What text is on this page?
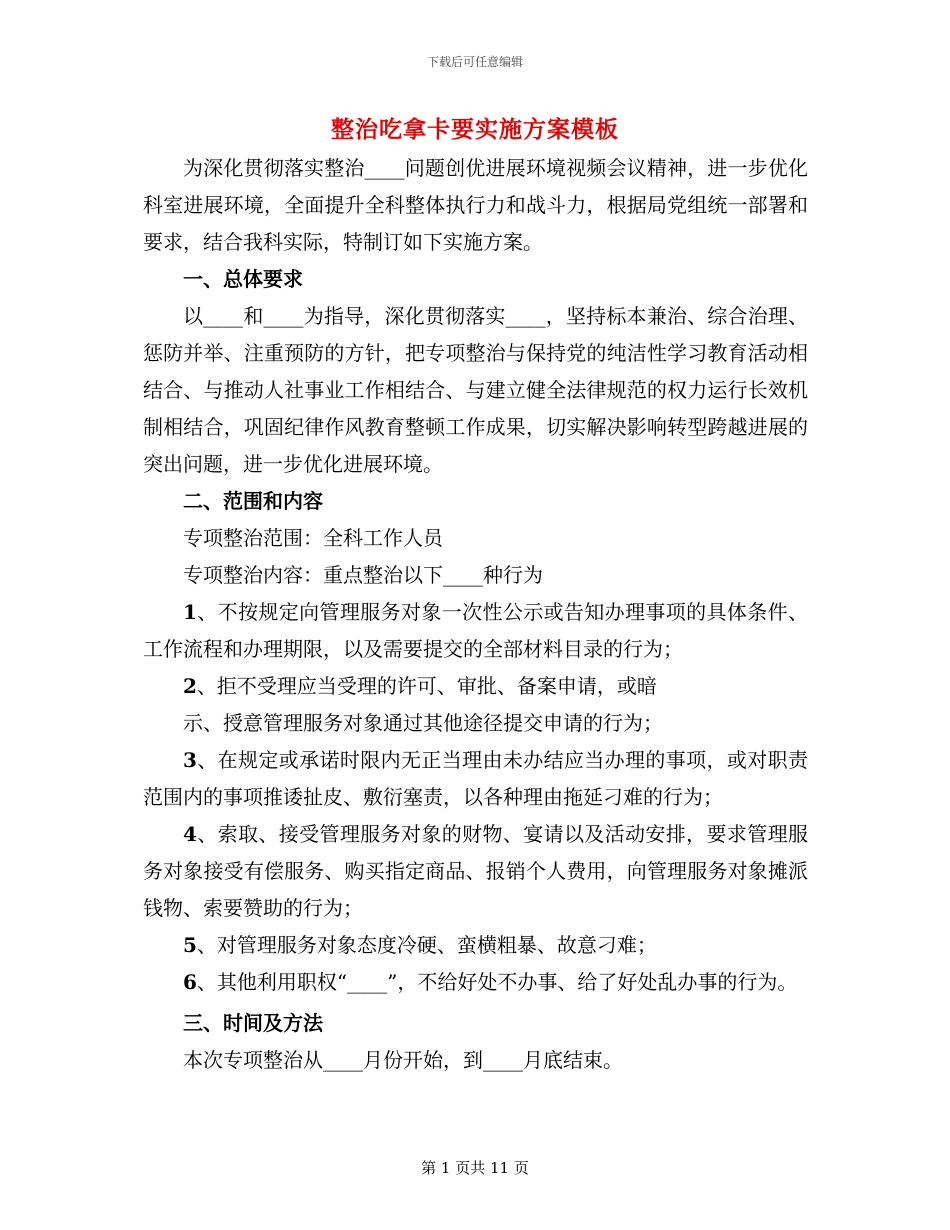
下载后可任意编辑
整治吃拿卡要实施方案模板

为深化贯彻落实整治____问题创优进展环境视频会议精神，进一步优化科室进展环境，全面提升全科整体执行力和战斗力，根据局党组统一部署和要求，结合我科实际，特制订如下实施方案。

一、总体要求

以____和____为指导，深化贯彻落实____，坚持标本兼治、综合治理、惩防并举、注重预防的方针，把专项整治与保持党的纯洁性学习教育活动相结合、与推动人社事业工作相结合、与建立健全法律规范的权力运行长效机制相结合，巩固纪律作风教育整顿工作成果，切实解决影响转型跨越进展的突出问题，进一步优化进展环境。

二、范围和内容

专项整治范围：全科工作人员

专项整治内容：重点整治以下____种行为

1、不按规定向管理服务对象一次性公示或告知办理事项的具体条件、工作流程和办理期限，以及需要提交的全部材料目录的行为；

2、拒不受理应当受理的许可、审批、备案申请，或暗

示、授意管理服务对象通过其他途径提交申请的行为；

3、在规定或承诺时限内无正当理由未办结应当办理的事项，或对职责范围内的事项推诿扯皮、敷衍塞责，以各种理由拖延刁难的行为；

4、索取、接受管理服务对象的财物、宴请以及活动安排，要求管理服务对象接受有偿服务、购买指定商品、报销个人费用，向管理服务对象摊派钱物、索要赞助的行为；

5、对管理服务对象态度冷硬、蛮横粗暴、故意刁难；

6、其他利用职权“____”，不给好处不办事、给了好处乱办事的行为。

三、时间及方法

本次专项整治从____月份开始，到____月底结束。

第 1 页共 11 页
